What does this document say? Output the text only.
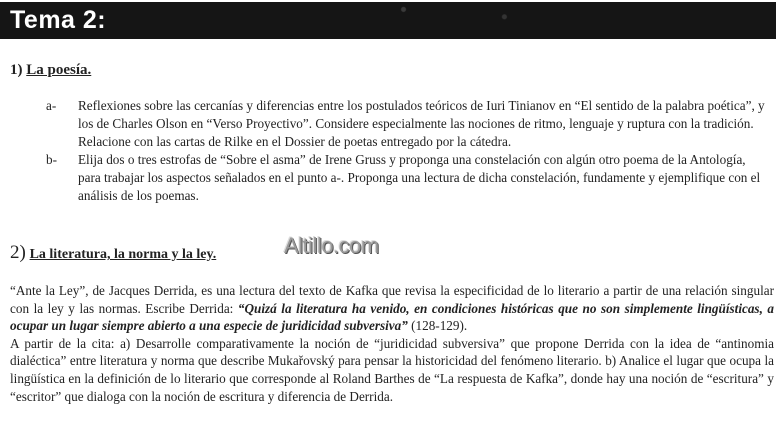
Tema 2:
1) La poesía.
a-	Reflexiones sobre las cercanías y diferencias entre los postulados teóricos de Iuri Tinianov en “El sentido de la palabra poética”, y los de Charles Olson en “Verso Proyectivo”. Considere especialmente las nociones de ritmo, lenguaje y ruptura con la tradición. Relacione con las cartas de Rilke en el Dossier de poetas entregado por la cátedra.
b-	Elija dos o tres estrofas de “Sobre el asma” de Irene Gruss y proponga una constelación con algún otro poema de la Antología, para trabajar los aspectos señalados en el punto a-. Proponga una lectura de dicha constelación, fundamente y ejemplifique con el análisis de los poemas.
2) La literatura, la norma y la ley.	Altillo.com

“Ante la Ley”, de Jacques Derrida, es una lectura del texto de Kafka que revisa la especificidad de lo literario a partir de una relación singular con la ley y las normas. Escribe Derrida: “Quizá la literatura ha venido, en condiciones históricas que no son simplemente lingüísticas, a ocupar un lugar siempre abierto a una especie de juridicidad subversiva” (128-129).

A partir de la cita: a) Desarrolle comparativamente la noción de “juridicidad subversiva” que propone Derrida con la idea de “antinomia dialéctica” entre literatura y norma que describe Mukařovský para pensar la historicidad del fenómeno literario. b) Analice el lugar que ocupa la lingüística en la definición de lo literario que corresponde al Roland Barthes de “La respuesta de Kafka”, donde hay una noción de “escritura” y “escritor” que dialoga con la noción de escritura y diferencia de Derrida.
